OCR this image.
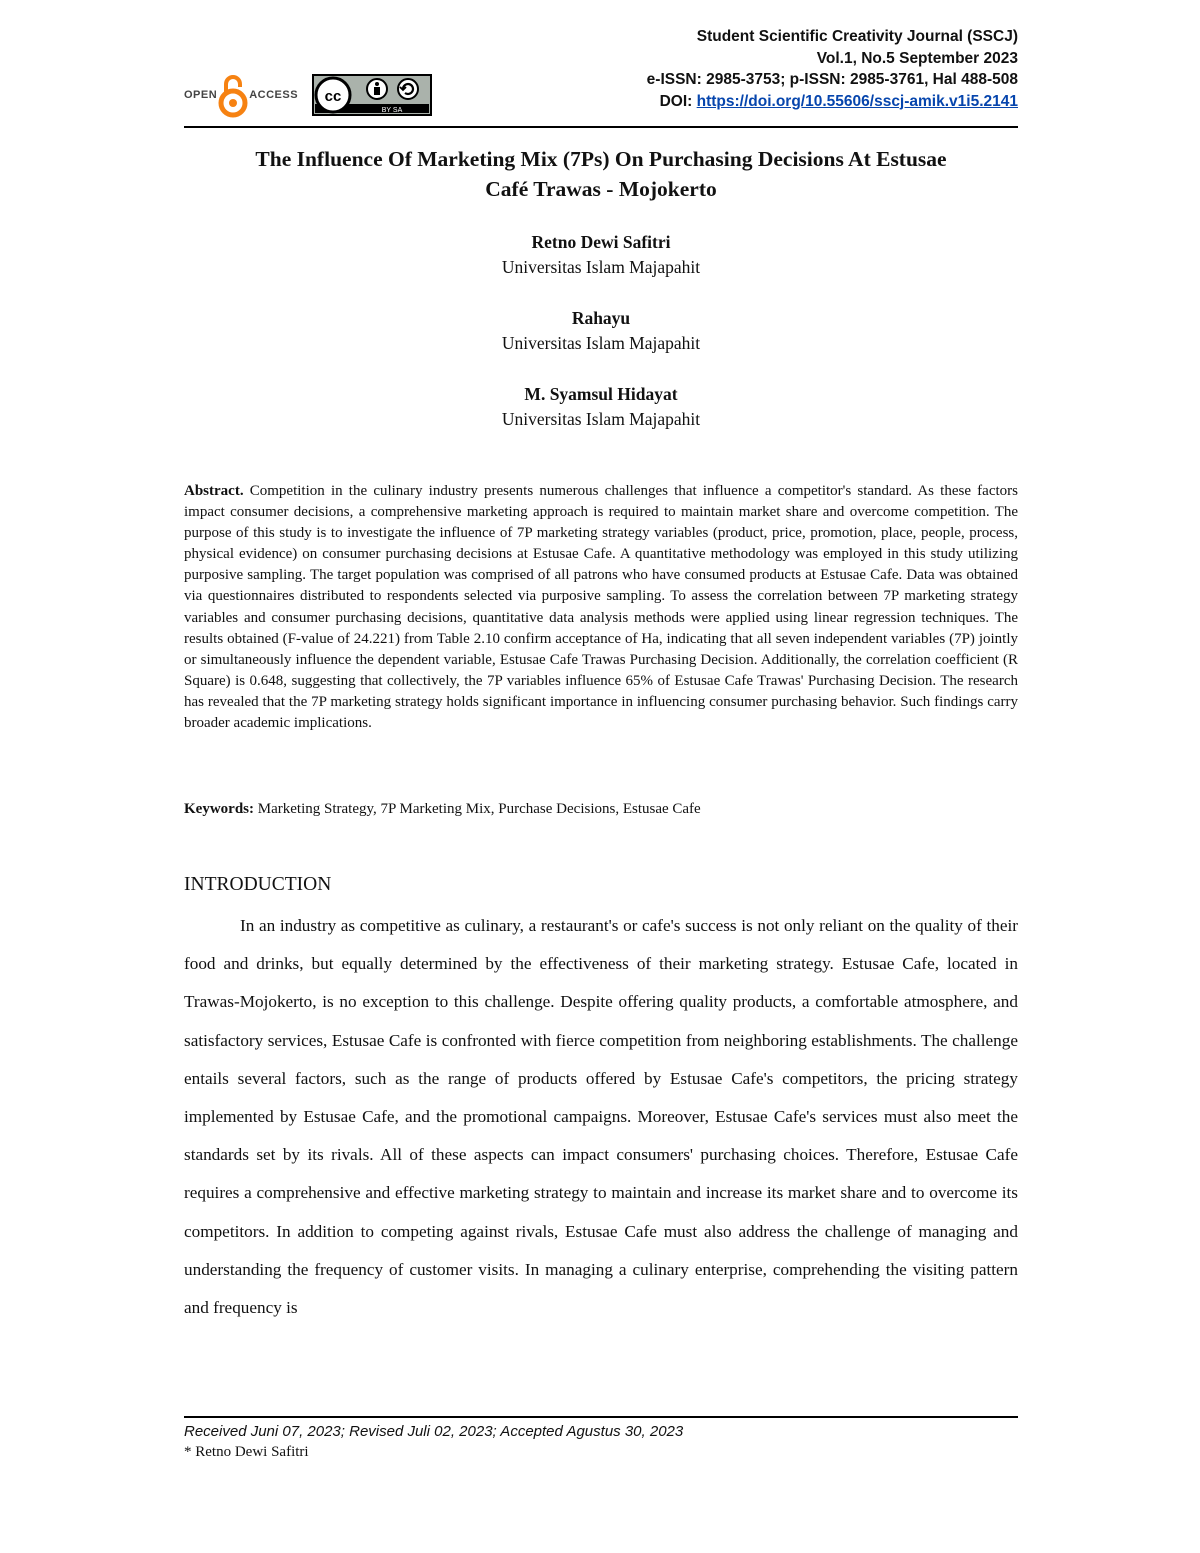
OPEN	ACCESS cc
BY SA
Student Scientific Creativity Journal (SSCJ)
Vol.1, No.5 September 2023
e-ISSN: 2985-3753; p-ISSN: 2985-3761, Hal 488-508
DOI: https://doi.org/10.55606/sscj-amik.v1i5.2141
The Influence Of Marketing Mix (7Ps) On Purchasing Decisions At Estusae
Café Trawas - Mojokerto
Retno Dewi Safitri
Universitas Islam Majapahit
Rahayu
Universitas Islam Majapahit
M. Syamsul Hidayat
Universitas Islam Majapahit
Abstract. Competition in the culinary industry presents numerous challenges that influence a competitor's standard. As these factors impact consumer decisions, a comprehensive marketing approach is required to maintain market share and overcome competition. The purpose of this study is to investigate the influence of 7P marketing strategy variables (product, price, promotion, place, people, process, physical evidence) on consumer purchasing decisions at Estusae Cafe. A quantitative methodology was employed in this study utilizing purposive sampling. The target population was comprised of all patrons who have consumed products at Estusae Cafe. Data was obtained via questionnaires distributed to respondents selected via purposive sampling. To assess the correlation between 7P marketing strategy variables and consumer purchasing decisions, quantitative data analysis methods were applied using linear regression techniques. The results obtained (F-value of 24.221) from Table 2.10 confirm acceptance of Ha, indicating that all seven independent variables (7P) jointly or simultaneously influence the dependent variable, Estusae Cafe Trawas Purchasing Decision. Additionally, the correlation coefficient (R Square) is 0.648, suggesting that collectively, the 7P variables influence 65% of Estusae Cafe Trawas' Purchasing Decision. The research has revealed that the 7P marketing strategy holds significant importance in influencing consumer purchasing behavior. Such findings carry broader academic implications.
Keywords: Marketing Strategy, 7P Marketing Mix, Purchase Decisions, Estusae Cafe
INTRODUCTION
In an industry as competitive as culinary, a restaurant's or cafe's success is not only reliant on the quality of their food and drinks, but equally determined by the effectiveness of their marketing strategy. Estusae Cafe, located in Trawas-Mojokerto, is no exception to this challenge. Despite offering quality products, a comfortable atmosphere, and satisfactory services, Estusae Cafe is confronted with fierce competition from neighboring establishments. The challenge entails several factors, such as the range of products offered by Estusae Cafe's competitors, the pricing strategy implemented by Estusae Cafe, and the promotional campaigns. Moreover, Estusae Cafe's services must also meet the standards set by its rivals. All of these aspects can impact consumers' purchasing choices. Therefore, Estusae Cafe requires a comprehensive and effective marketing strategy to maintain and increase its market share and to overcome its competitors. In addition to competing against rivals, Estusae Cafe must also address the challenge of managing and understanding the frequency of customer visits. In managing a culinary enterprise, comprehending the visiting pattern and frequency is
Received Juni 07, 2023; Revised Juli 02, 2023; Accepted Agustus 30, 2023
* Retno Dewi Safitri
